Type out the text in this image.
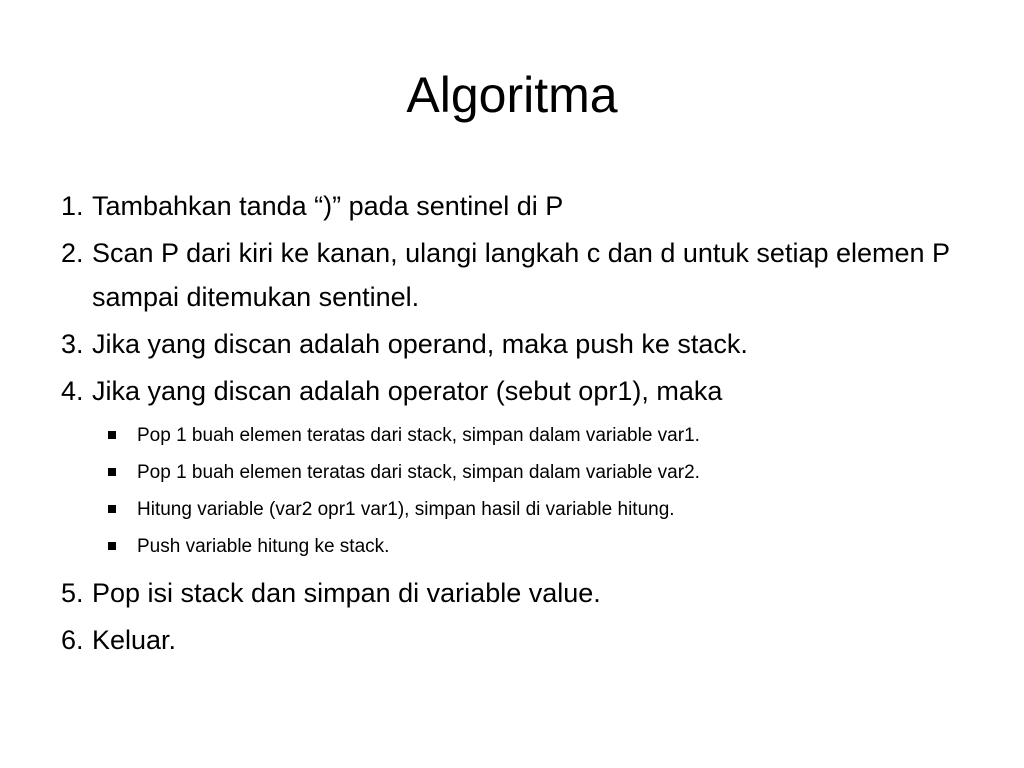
Algoritma
1. Tambahkan tanda “)” pada sentinel di P
2. Scan P dari kiri ke kanan, ulangi langkah c dan d untuk setiap elemen P sampai ditemukan sentinel.
3. Jika yang discan adalah operand, maka push ke stack.
4. Jika yang discan adalah operator (sebut opr1), maka
Pop 1 buah elemen teratas dari stack, simpan dalam variable var1.
Pop 1 buah elemen teratas dari stack, simpan dalam variable var2.
Hitung variable (var2 opr1 var1), simpan hasil di variable hitung.
Push variable hitung ke stack.
5. Pop isi stack dan simpan di variable value.
6. Keluar.
